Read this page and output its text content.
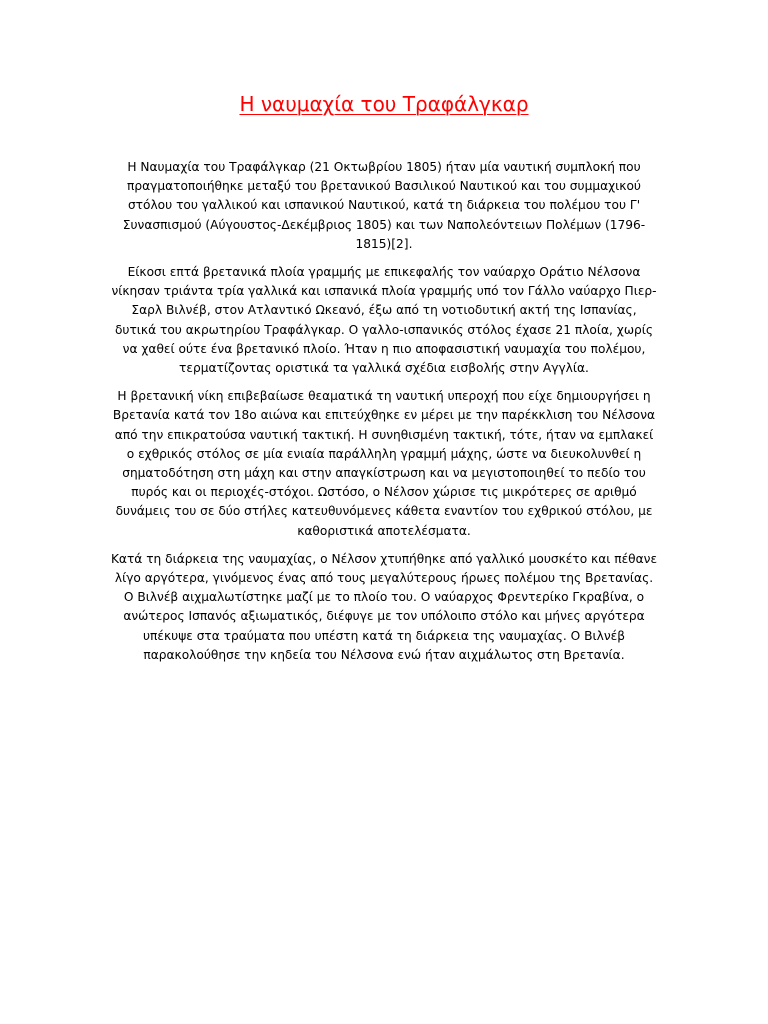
Η ναυμαχία του Τραφάλγκαρ

Η Ναυμαχία του Τραφάλγκαρ (21 Οκτωβρίου 1805) ήταν μία ναυτική συμπλοκή που πραγματοποιήθηκε μεταξύ του βρετανικού Βασιλικού Ναυτικού και του συμμαχικού στόλου του γαλλικού και ισπανικού Ναυτικού, κατά τη διάρκεια του πολέμου του Γ' Συνασπισμού (Αύγουστος-Δεκέμβριος 1805) και των Ναπολεόντειων Πολέμων (1796-1815)[2].

Είκοσι επτά βρετανικά πλοία γραμμής με επικεφαλής τον ναύαρχο Οράτιο Νέλσονα νίκησαν τριάντα τρία γαλλικά και ισπανικά πλοία γραμμής υπό τον Γάλλο ναύαρχο Πιερ-Σαρλ Βιλνέβ, στον Ατλαντικό Ωκεανό, έξω από τη νοτιοδυτική ακτή της Ισπανίας, δυτικά του ακρωτηρίου Τραφάλγκαρ. Ο γαλλο-ισπανικός στόλος έχασε 21 πλοία, χωρίς να χαθεί ούτε ένα βρετανικό πλοίο. Ήταν η πιο αποφασιστική ναυμαχία του πολέμου, τερματίζοντας οριστικά τα γαλλικά σχέδια εισβολής στην Αγγλία.

Η βρετανική νίκη επιβεβαίωσε θεαματικά τη ναυτική υπεροχή που είχε δημιουργήσει η Βρετανία κατά τον 18ο αιώνα και επιτεύχθηκε εν μέρει με την παρέκκλιση του Νέλσονα από την επικρατούσα ναυτική τακτική. Η συνηθισμένη τακτική, τότε, ήταν να εμπλακεί ο εχθρικός στόλος σε μία ενιαία παράλληλη γραμμή μάχης, ώστε να διευκολυνθεί η σηματοδότηση στη μάχη και στην απαγκίστρωση και να μεγιστοποιηθεί το πεδίο του πυρός και οι περιοχές-στόχοι. Ωστόσο, ο Νέλσον χώρισε τις μικρότερες σε αριθμό δυνάμεις του σε δύο στήλες κατευθυνόμενες κάθετα εναντίον του εχθρικού στόλου, με καθοριστικά αποτελέσματα.

Κατά τη διάρκεια της ναυμαχίας, ο Νέλσον χτυπήθηκε από γαλλικό μουσκέτο και πέθανε λίγο αργότερα, γινόμενος ένας από τους μεγαλύτερους ήρωες πολέμου της Βρετανίας. Ο Βιλνέβ αιχμαλωτίστηκε μαζί με το πλοίο του. Ο ναύαρχος Φρεντερίκο Γκραβίνα, ο ανώτερος Ισπανός αξιωματικός, διέφυγε με τον υπόλοιπο στόλο και μήνες αργότερα υπέκυψε στα τραύματα που υπέστη κατά τη διάρκεια της ναυμαχίας. Ο Βιλνέβ παρακολούθησε την κηδεία του Νέλσονα ενώ ήταν αιχμάλωτος στη Βρετανία.
